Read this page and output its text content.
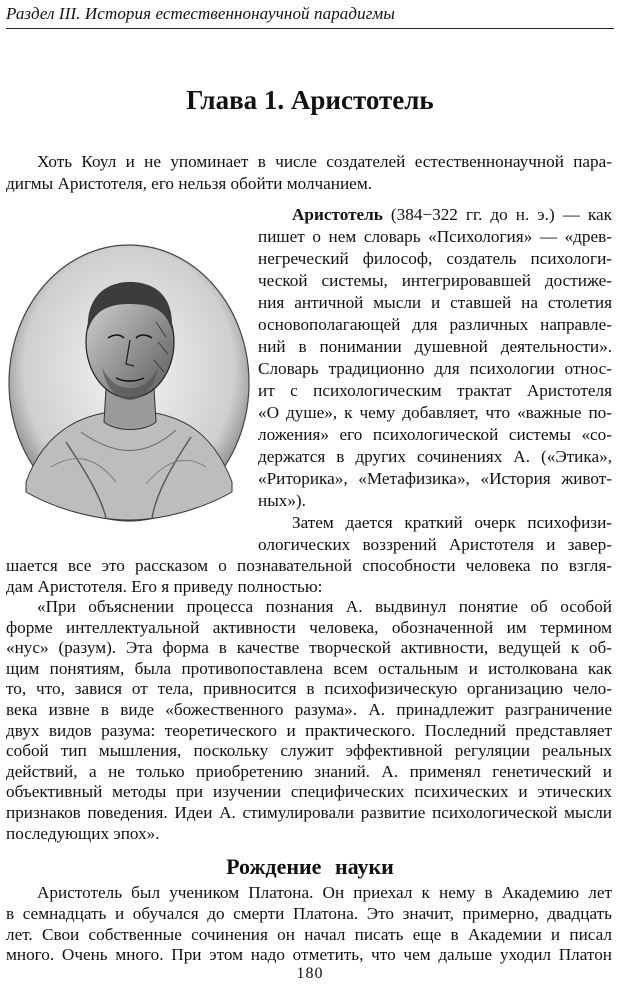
Раздел III. История естественнонаучной парадигмы
Глава 1. Аристотель
Хоть Коул и не упоминает в числе создателей естественнонаучной пара-
дигмы Аристотеля, его нельзя обойти молчанием.
Аристотель (384−322 гг. до н. э.) — как
пишет о нем словарь «Психология» — «древ-
негреческий философ, создатель психологи-
ческой системы, интегрировавшей достиже-
ния античной мысли и ставшей на столетия
основополагающей для различных направле-
ний в понимании душевной деятельности».
Словарь традиционно для психологии относ-
ит с психологическим трактат Аристотеля
«О душе», к чему добавляет, что «важные по-
ложения» его психологической системы «со-
держатся в других сочинениях А. («Этика»,
«Риторика», «Метафизика», «История живот-
ных»).
Затем дается краткий очерк психофизи-
ологических воззрений Аристотеля и завер-
шается все это рассказом о познавательной способности человека по взгля-
дам Аристотеля. Его я приведу полностью:
«При объяснении процесса познания А. выдвинул понятие об особой
форме интеллектуальной активности человека, обозначенной им термином
«нус» (разум). Эта форма в качестве творческой активности, ведущей к об-
щим понятиям, была противопоставлена всем остальным и истолкована как
то, что, завися от тела, привносится в психофизическую организацию чело-
века извне в виде «божественного разума». А. принадлежит разграничение
двух видов разума: теоретического и практического. Последний представляет
собой тип мышления, поскольку служит эффективной регуляции реальных
действий, а не только приобретению знаний. А. применял генетический и
объективный методы при изучении специфических психических и этических
признаков поведения. Идеи А. стимулировали развитие психологической мысли
последующих эпох».
Рождение науки
Аристотель был учеником Платона. Он приехал к нему в Академию лет
в семнадцать и обучался до смерти Платона. Это значит, примерно, двадцать
лет. Свои собственные сочинения он начал писать еще в Академии и писал
много. Очень много. При этом надо отметить, что чем дальше уходил Платон
180
